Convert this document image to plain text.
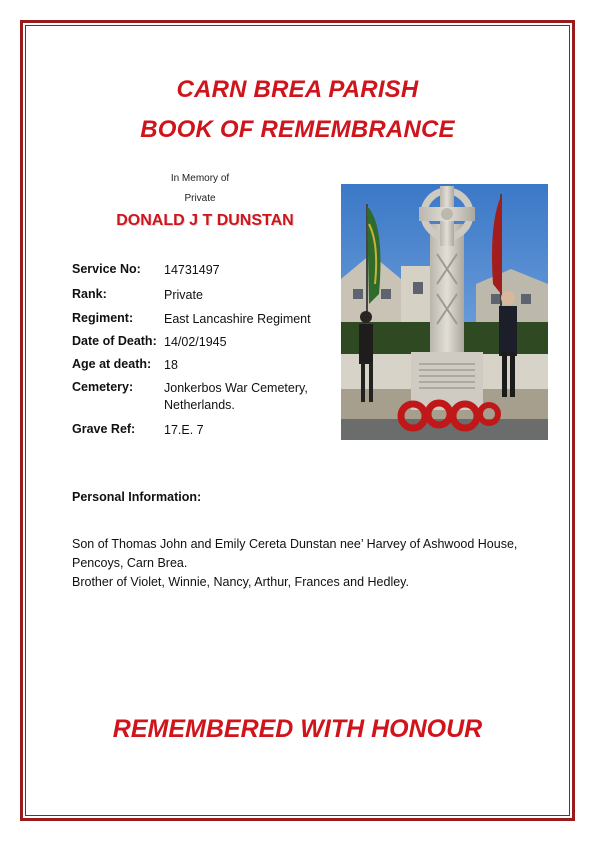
CARN BREA PARISH
BOOK OF REMEMBRANCE
In Memory of
Private
DONALD J T DUNSTAN
Service No: 14731497
Rank:	Private
Regiment: East Lancashire Regiment
Date of Death: 14/02/1945
Age at death: 18
Cemetery: Jonkerbos War Cemetery, Netherlands.
Grave Ref: 17.E. 7
Personal Information:
Son of Thomas John and Emily Cereta Dunstan nee’ Harvey of Ashwood House, Pencoys, Carn Brea.
Brother of Violet, Winnie, Nancy, Arthur, Frances and Hedley.
REMEMBERED WITH HONOUR
